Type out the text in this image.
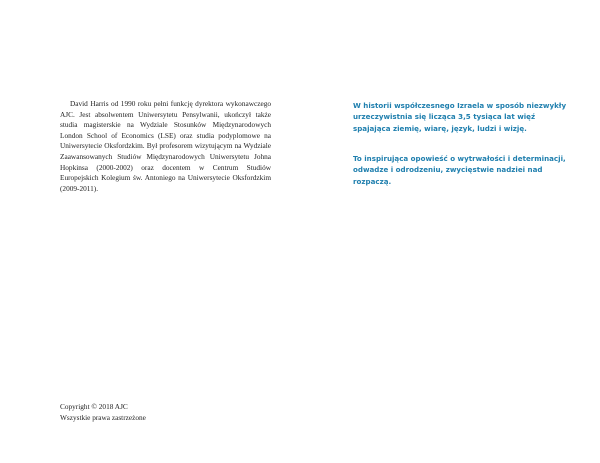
David Harris od 1990 roku pełni funkcję dyrektora wykonawczego AJC. Jest absolwentem Uniwersytetu Pensylwanii, ukończył także studia magisterskie na Wydziale Stosunków Międzynarodowych London School of Economics (LSE) oraz studia podyplomowe na Uniwersytecie Oksfordzkim. Był profesorem wizytującym na Wydziale Zaawansowanych Studiów Międzynarodowych Uniwersytetu Johna Hopkinsa (2000-2002) oraz docentem w Centrum Studiów Europejskich Kolegium św. Antoniego na Uniwersytecie Oksfordzkim (2009-2011).

Copyright © 2018 AJC
Wszystkie prawa zastrzeżone

W historii współczesnego Izraela w sposób niezwykły urzeczywistnia się licząca 3,5 tysiąca lat więź spajająca ziemię, wiarę, język, ludzi i wizję.

To inspirująca opowieść o wytrwałości i determinacji, odwadze i odrodzeniu, zwycięstwie nadziei nad rozpaczą.
